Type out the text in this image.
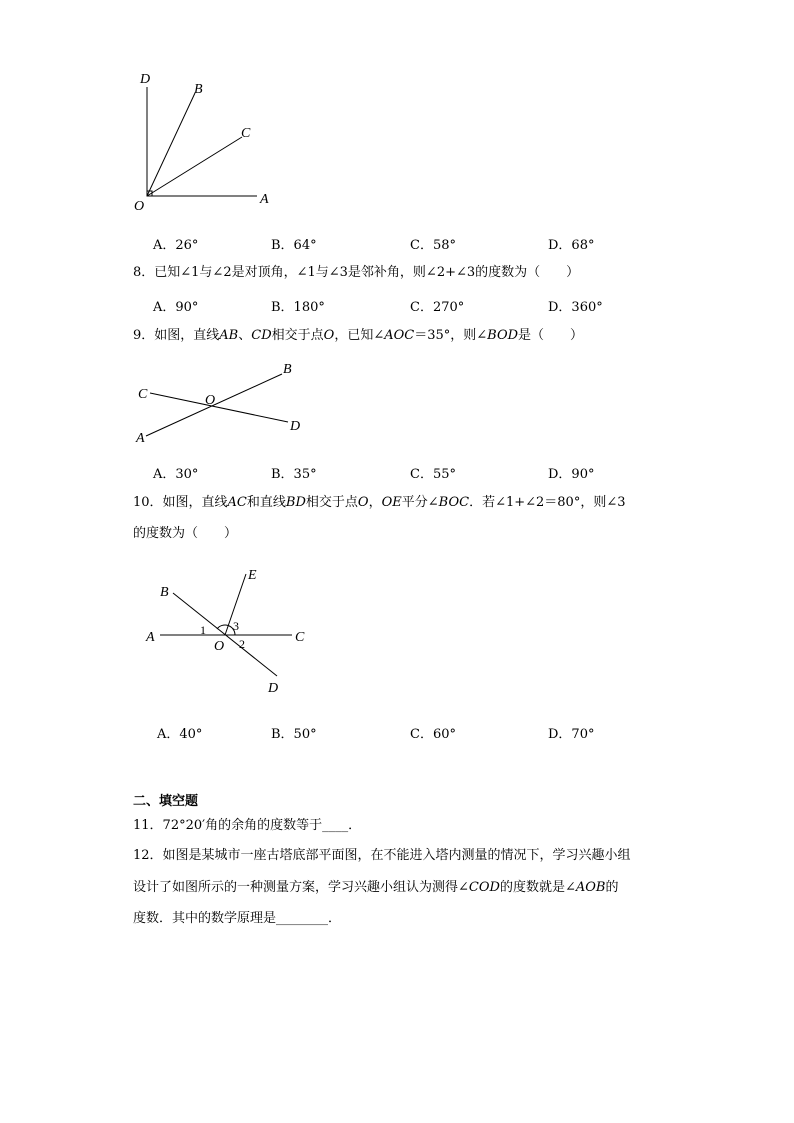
D
B
C
O	A
A．26°	B．64°	C．58°	D．68°
8．已知∠1与∠2是对顶角，∠1与∠3是邻补角，则∠2+∠3的度数为（　　）
A．90°	B．180°	C．270°	D．360°
9．如图，直线AB、CD相交于点O，已知∠AOC＝35°，则∠BOD是（　　）
B
C	O
D
A
A．30°	B．35°	C．55°	D．90°
10．如图，直线AC和直线BD相交于点O，OE平分∠BOC．若∠1+∠2＝80°，则∠3
的度数为（　　）
E
B
A	C
O
D
1
2
3
A．40°	B．50°	C．60°	D．70°
二、填空题
11．72°20′角的余角的度数等于____．
12．如图是某城市一座古塔底部平面图，在不能进入塔内测量的情况下，学习兴趣小组
设计了如图所示的一种测量方案，学习兴趣小组认为测得∠COD的度数就是∠AOB的
度数．其中的数学原理是________．
